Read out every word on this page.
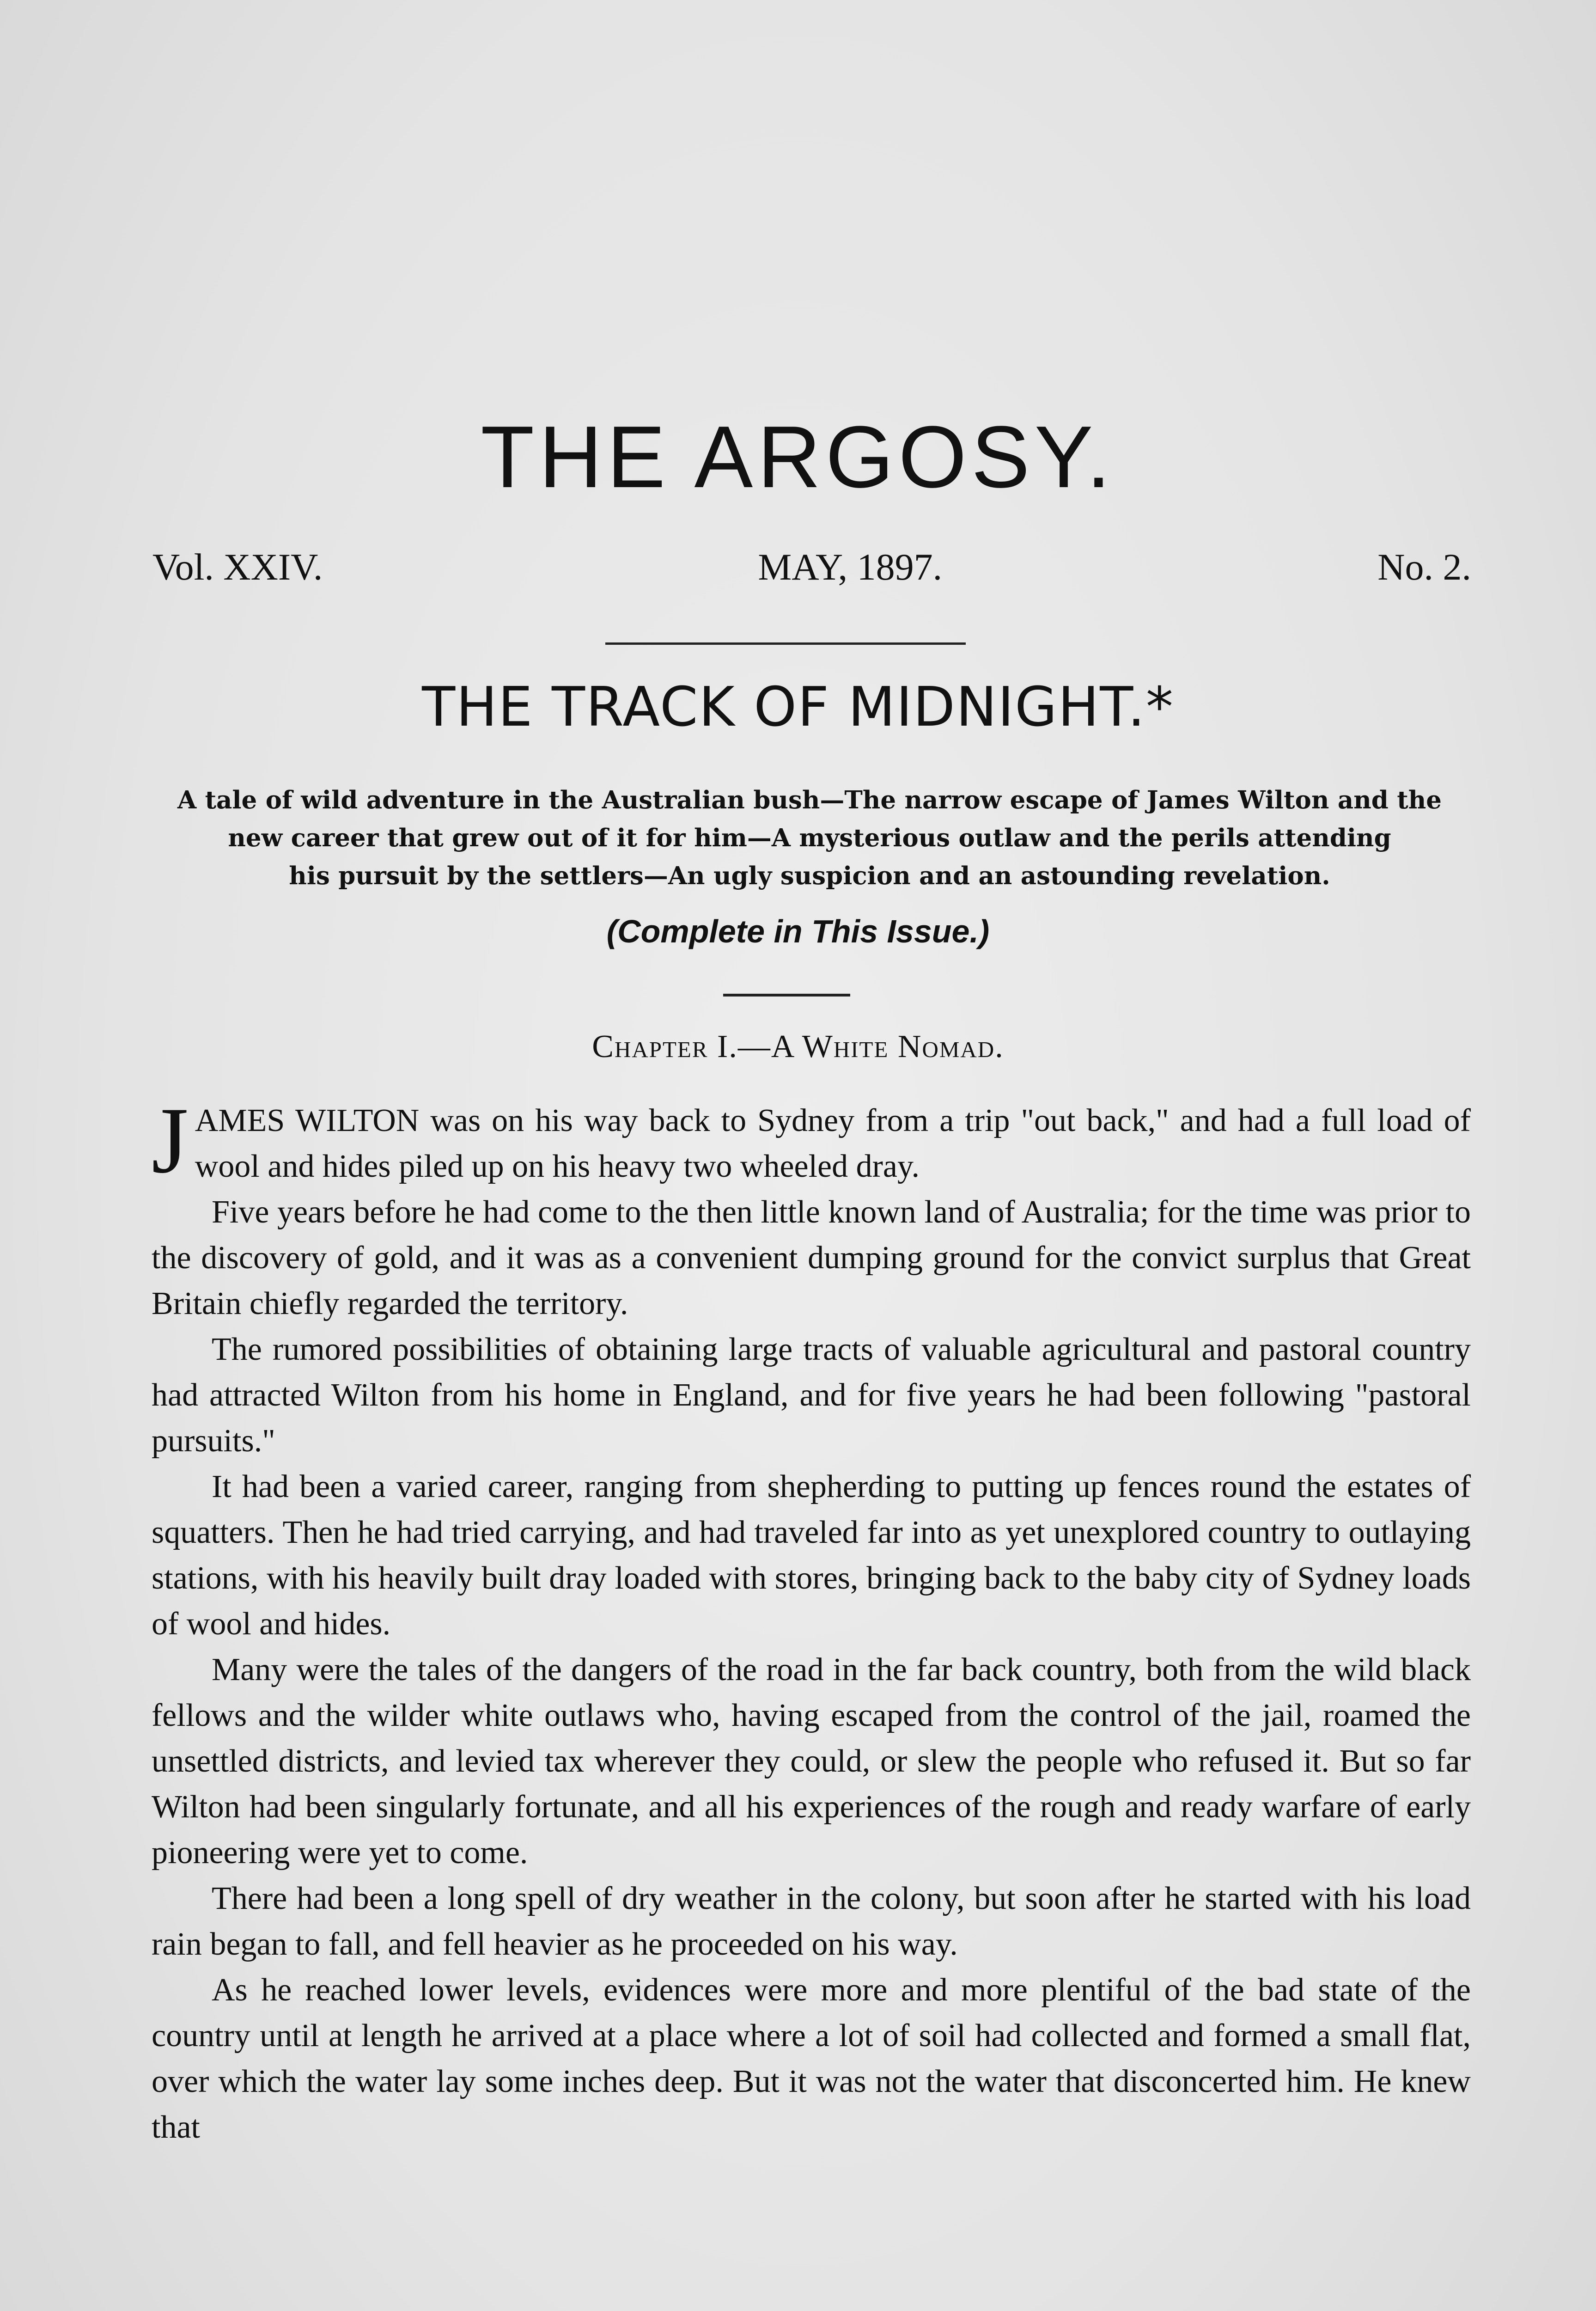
THE ARGOSY.
Vol. XXIV.	MAY, 1897.	No. 2.
THE TRACK OF MIDNIGHT.*
A tale of wild adventure in the Australian bush—The narrow escape of James Wilton and the
new career that grew out of it for him—A mysterious outlaw and the perils attending
his pursuit by the settlers—An ugly suspicion and an astounding revelation.
(Complete in This Issue.)
Chapter I.—A White Nomad.

JAMES WILTON was on his way back to Sydney from a trip "out back," and had a full load of wool and hides piled up on his heavy two wheeled dray.

Five years before he had come to the then little known land of Australia; for the time was prior to the discovery of gold, and it was as a convenient dumping ground for the convict surplus that Great Britain chiefly regarded the territory.

The rumored possibilities of obtaining large tracts of valuable agricultural and pastoral country had attracted Wilton from his home in England, and for five years he had been following "pastoral pursuits."

It had been a varied career, ranging from shepherding to putting up fences round the estates of squatters. Then he had tried carrying, and had traveled far into as yet unexplored country to outlaying stations, with his heavily built dray loaded with stores, bringing back to the baby city of Sydney loads of wool and hides.

Many were the tales of the dangers of the road in the far back country, both from the wild black fellows and the wilder white outlaws who, having escaped from the control of the jail, roamed the unsettled districts, and levied tax wherever they could, or slew the people who refused it. But so far Wilton had been singularly fortunate, and all his experiences of the rough and ready warfare of early pioneering were yet to come.

There had been a long spell of dry weather in the colony, but soon after he started with his load rain began to fall, and fell heavier as he proceeded on his way.

As he reached lower levels, evidences were more and more plentiful of the bad state of the country until at length he arrived at a place where a lot of soil had collected and formed a small flat, over which the water lay some inches deep. But it was not the water that disconcerted him. He knew that
